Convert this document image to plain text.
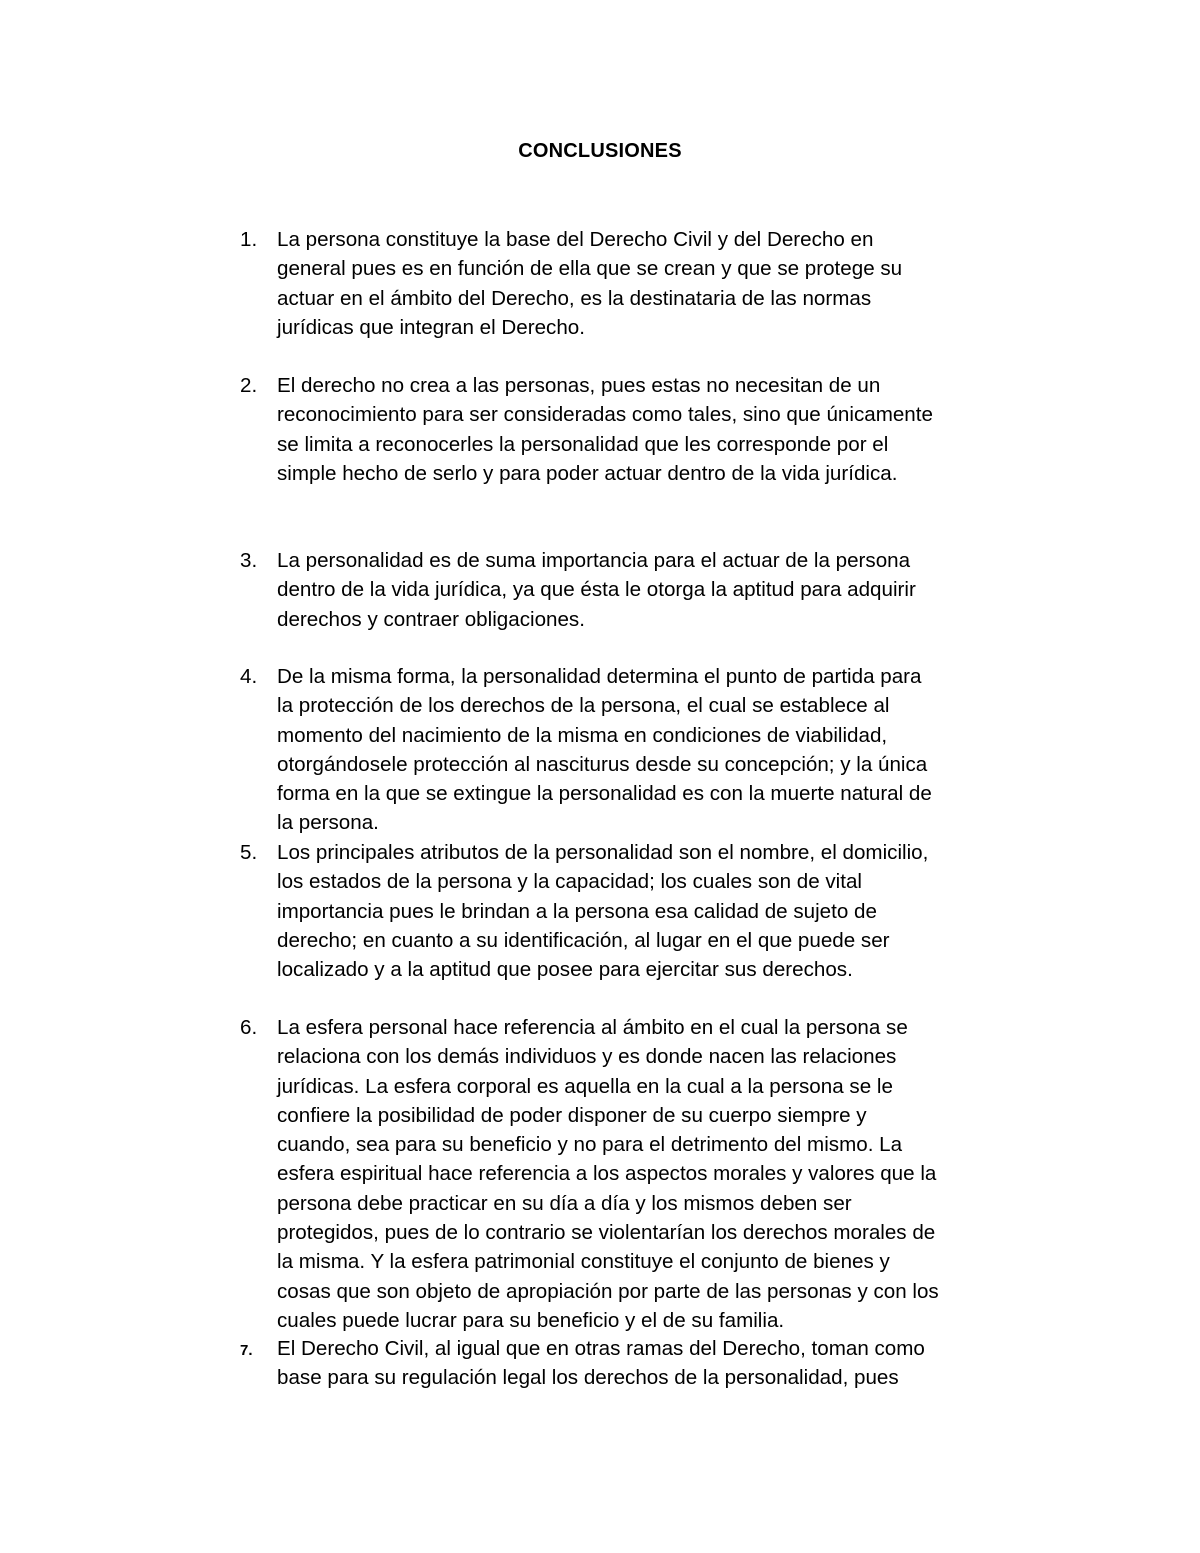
CONCLUSIONES
1. La persona constituye la base del Derecho Civil y del Derecho en
general pues es en función de ella que se crean y que se protege su
actuar en el ámbito del Derecho, es la destinataria de las normas
jurídicas que integran el Derecho.
2. El derecho no crea a las personas, pues estas no necesitan de un
reconocimiento para ser consideradas como tales, sino que únicamente
se limita a reconocerles la personalidad que les corresponde por el
simple hecho de serlo y para poder actuar dentro de la vida jurídica.
3. La personalidad es de suma importancia para el actuar de la persona
dentro de la vida jurídica, ya que ésta le otorga la aptitud para adquirir
derechos y contraer obligaciones.
4. De la misma forma, la personalidad determina el punto de partida para
la protección de los derechos de la persona, el cual se establece al
momento del nacimiento de la misma en condiciones de viabilidad,
otorgándosele protección al nasciturus desde su concepción; y la única
forma en la que se extingue la personalidad es con la muerte natural de
la persona.
5. Los principales atributos de la personalidad son el nombre, el domicilio,
los estados de la persona y la capacidad; los cuales son de vital
importancia pues le brindan a la persona esa calidad de sujeto de
derecho; en cuanto a su identificación, al lugar en el que puede ser
localizado y a la aptitud que posee para ejercitar sus derechos.
6. La esfera personal hace referencia al ámbito en el cual la persona se
relaciona con los demás individuos y es donde nacen las relaciones
jurídicas. La esfera corporal es aquella en la cual a la persona se le
confiere la posibilidad de poder disponer de su cuerpo siempre y
cuando, sea para su beneficio y no para el detrimento del mismo. La
esfera espiritual hace referencia a los aspectos morales y valores que la
persona debe practicar en su día a día y los mismos deben ser
protegidos, pues de lo contrario se violentarían los derechos morales de
la misma. Y la esfera patrimonial constituye el conjunto de bienes y
cosas que son objeto de apropiación por parte de las personas y con los
cuales puede lucrar para su beneficio y el de su familia.
7.	El Derecho Civil, al igual que en otras ramas del Derecho, toman como
base para su regulación legal los derechos de la personalidad, pues
